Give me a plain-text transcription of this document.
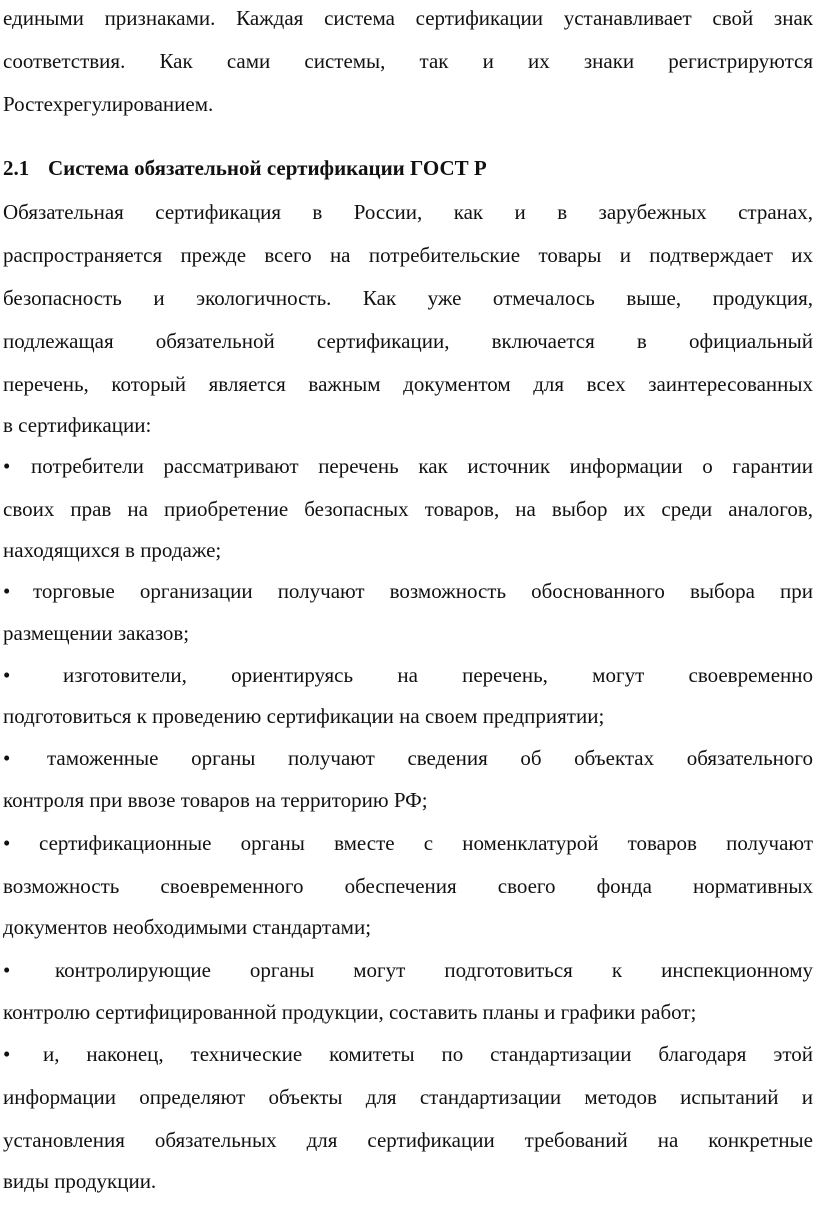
едиными признаками. Каждая система сертификации устанавливает свой знак
соответствия. Как сами системы, так и их знаки регистрируются
Ростехрегулированием.
2.1 Система обязательной сертификации ГОСТ Р
Обязательная сертификация в России, как и в зарубежных странах,
распространяется прежде всего на потребительские товары и подтверждает их
безопасность и экологичность. Как уже отмечалось выше, продукция,
подлежащая обязательной сертификации, включается в официальный
перечень, который является важным документом для всех заинтересованных
в сертификации:
• потребители рассматривают перечень как источник информации о гарантии
своих прав на приобретение безопасных товаров, на выбор их среди аналогов,
находящихся в продаже;
• торговые организации получают возможность обоснованного выбора при
размещении заказов;
•	изготовители, ориентируясь на перечень, могут своевременно
подготовиться к проведению сертификации на своем предприятии;
• таможенные органы получают сведения об объектах обязательного
контроля при ввозе товаров на территорию РФ;
• сертификационные органы вместе с номенклатурой товаров получают
возможность своевременного обеспечения своего фонда нормативных
документов необходимыми стандартами;
• контролирующие органы могут подготовиться к инспекционному
контролю сертифицированной продукции, составить планы и графики работ;
• и, наконец, технические комитеты по стандартизации благодаря этой
информации определяют объекты для стандартизации методов испытаний и
установления обязательных для сертификации требований на конкретные
виды продукции.
